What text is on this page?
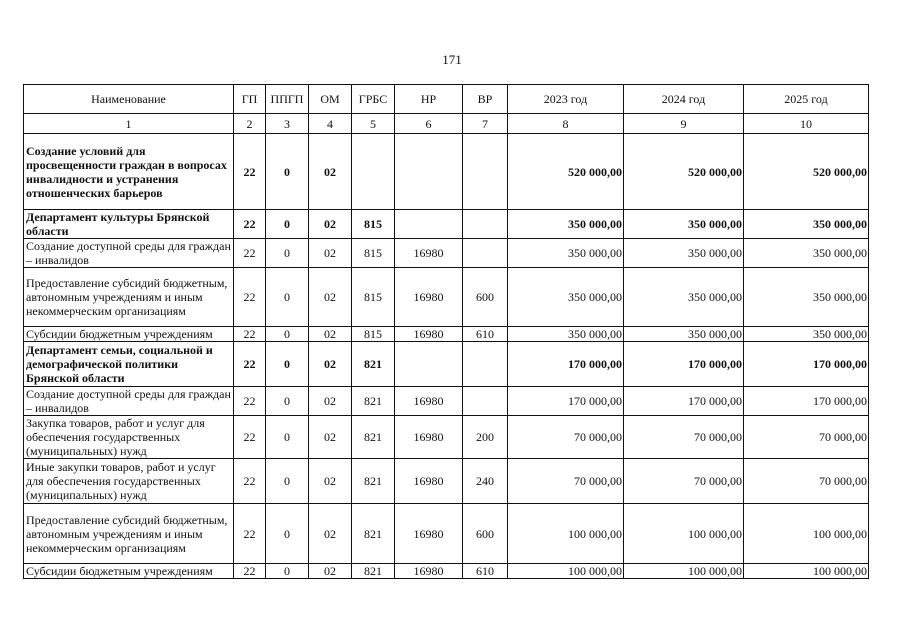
171
Наименование	ГП	ППГП	ОМ	ГРБС	НР	ВР	2023 год	2024 год	2025 год
1	2	3	4	5	6	7	8	9	10
Создание условий для просвещенности граждан в вопросах инвалидности и устранения отношенческих барьеров	22	0	02				520 000,00	520 000,00	520 000,00
Департамент культуры Брянской области	22	0	02	815			350 000,00	350 000,00	350 000,00
Создание доступной среды для граждан – инвалидов	22	0	02	815	16980		350 000,00	350 000,00	350 000,00
Предоставление субсидий бюджетным, автономным учреждениям и иным некоммерческим организациям	22	0	02	815	16980	600	350 000,00	350 000,00	350 000,00
Субсидии бюджетным учреждениям	22	0	02	815	16980	610	350 000,00	350 000,00	350 000,00
Департамент семьи, социальной и демографической политики Брянской области	22	0	02	821			170 000,00	170 000,00	170 000,00
Создание доступной среды для граждан – инвалидов	22	0	02	821	16980		170 000,00	170 000,00	170 000,00
Закупка товаров, работ и услуг для обеспечения государственных (муниципальных) нужд	22	0	02	821	16980	200	70 000,00	70 000,00	70 000,00
Иные закупки товаров, работ и услуг для обеспечения государственных (муниципальных) нужд	22	0	02	821	16980	240	70 000,00	70 000,00	70 000,00
Предоставление субсидий бюджетным, автономным учреждениям и иным некоммерческим организациям	22	0	02	821	16980	600	100 000,00	100 000,00	100 000,00
Субсидии бюджетным учреждениям	22	0	02	821	16980	610	100 000,00	100 000,00	100 000,00
